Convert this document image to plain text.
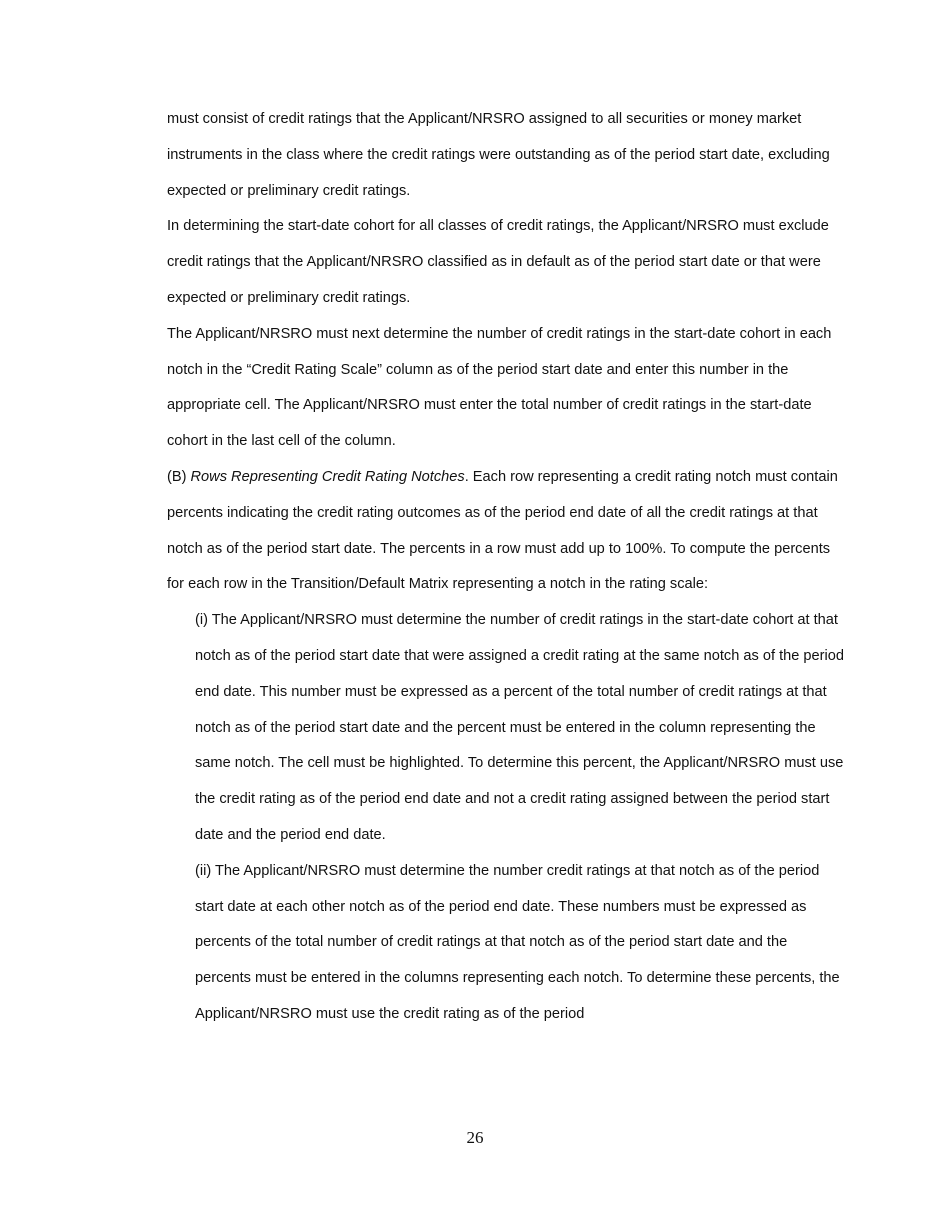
must consist of credit ratings that the Applicant/NRSRO assigned to all securities or money market instruments in the class where the credit ratings were outstanding as of the period start date, excluding expected or preliminary credit ratings.

In determining the start-date cohort for all classes of credit ratings, the Applicant/NRSRO must exclude credit ratings that the Applicant/NRSRO classified as in default as of the period start date or that were expected or preliminary credit ratings.

The Applicant/NRSRO must next determine the number of credit ratings in the start-date cohort in each notch in the “Credit Rating Scale” column as of the period start date and enter this number in the appropriate cell. The Applicant/NRSRO must enter the total number of credit ratings in the start-date cohort in the last cell of the column.

(B) Rows Representing Credit Rating Notches. Each row representing a credit rating notch must contain percents indicating the credit rating outcomes as of the period end date of all the credit ratings at that notch as of the period start date. The percents in a row must add up to 100%. To compute the percents for each row in the Transition/Default Matrix representing a notch in the rating scale:

(i) The Applicant/NRSRO must determine the number of credit ratings in the start-date cohort at that notch as of the period start date that were assigned a credit rating at the same notch as of the period end date. This number must be expressed as a percent of the total number of credit ratings at that notch as of the period start date and the percent must be entered in the column representing the same notch. The cell must be highlighted. To determine this percent, the Applicant/NRSRO must use the credit rating as of the period end date and not a credit rating assigned between the period start date and the period end date.

(ii) The Applicant/NRSRO must determine the number credit ratings at that notch as of the period start date at each other notch as of the period end date. These numbers must be expressed as percents of the total number of credit ratings at that notch as of the period start date and the percents must be entered in the columns representing each notch. To determine these percents, the Applicant/NRSRO must use the credit rating as of the period

26
